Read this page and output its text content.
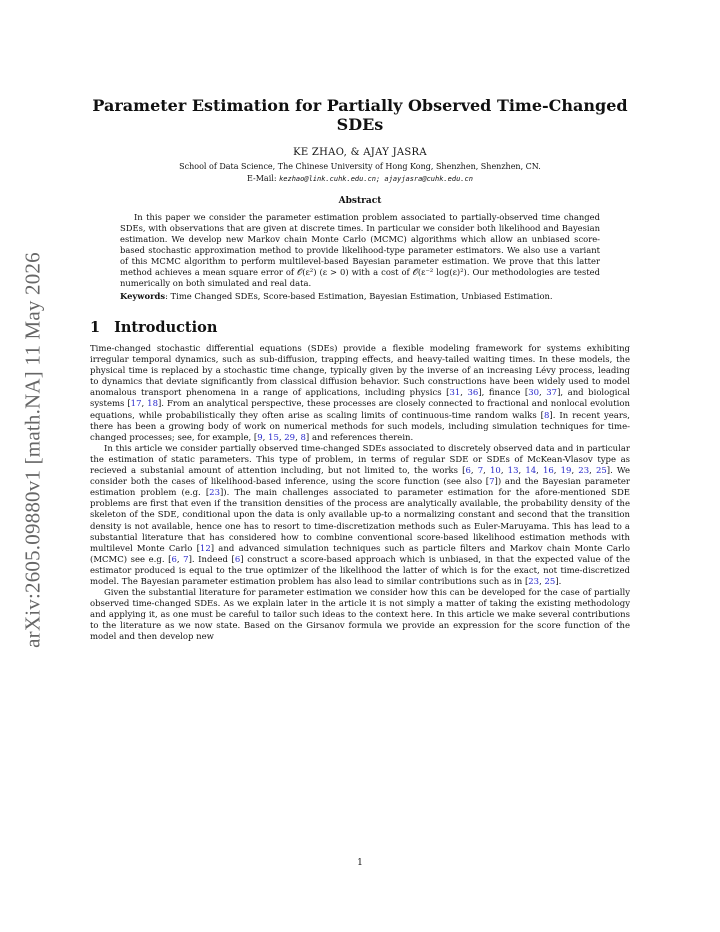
arXiv:2605.09880v1 [math.NA] 11 May 2026
Parameter Estimation for Partially Observed Time-Changed SDEs
KE ZHAO, & AJAY JASRA
School of Data Science, The Chinese University of Hong Kong, Shenzhen, Shenzhen, CN.
E-Mail: kezhao@link.cuhk.edu.cn; ajayjasra@cuhk.edu.cn
Abstract

In this paper we consider the parameter estimation problem associated to partially-observed time changed SDEs, with observations that are given at discrete times. In particular we consider both likelihood and Bayesian estimation. We develop new Markov chain Monte Carlo (MCMC) algorithms which allow an unbiased score-based stochastic approximation method to provide likelihood-type parameter estimators. We also use a variant of this MCMC algorithm to perform multilevel-based Bayesian parameter estimation. We prove that this latter method achieves a mean square error of 𝒪(ε²) (ε > 0) with a cost of 𝒪(ε⁻² log(ε)²). Our methodologies are tested numerically on both simulated and real data.

Keywords: Time Changed SDEs, Score-based Estimation, Bayesian Estimation, Unbiased Estimation.
1 Introduction

Time-changed stochastic differential equations (SDEs) provide a flexible modeling framework for systems exhibiting irregular temporal dynamics, such as sub-diffusion, trapping effects, and heavy-tailed waiting times. In these models, the physical time is replaced by a stochastic time change, typically given by the inverse of an increasing Lévy process, leading to dynamics that deviate significantly from classical diffusion behavior. Such constructions have been widely used to model anomalous transport phenomena in a range of applications, including physics [31, 36], finance [30, 37], and biological systems [17, 18]. From an analytical perspective, these processes are closely connected to fractional and nonlocal evolution equations, while probabilistically they often arise as scaling limits of continuous-time random walks [8]. In recent years, there has been a growing body of work on numerical methods for such models, including simulation techniques for time-changed processes; see, for example, [9, 15, 29, 8] and references therein.

In this article we consider partially observed time-changed SDEs associated to discretely observed data and in particular the estimation of static parameters. This type of problem, in terms of regular SDE or SDEs of McKean-Vlasov type as recieved a substanial amount of attention including, but not limited to, the works [6, 7, 10, 13, 14, 16, 19, 23, 25]. We consider both the cases of likelihood-based inference, using the score function (see also [7]) and the Bayesian parameter estimation problem (e.g. [23]). The main challenges associated to parameter estimation for the afore-mentioned SDE problems are first that even if the transition densities of the process are analytically available, the probability density of the skeleton of the SDE, conditional upon the data is only available up-to a normalizing constant and second that the transition density is not available, hence one has to resort to time-discretization methods such as Euler-Maruyama. This has lead to a substantial literature that has considered how to combine conventional score-based likelihood estimation methods with multilevel Monte Carlo [12] and advanced simulation techniques such as particle filters and Markov chain Monte Carlo (MCMC) see e.g. [6, 7]. Indeed [6] construct a score-based approach which is unbiased, in that the expected value of the estimator produced is equal to the true optimizer of the likelihood the latter of which is for the exact, not time-discretized model. The Bayesian parameter estimation problem has also lead to similar contributions such as in [23, 25].

Given the substantial literature for parameter estimation we consider how this can be developed for the case of partially observed time-changed SDEs. As we explain later in the article it is not simply a matter of taking the existing methodology and applying it, as one must be careful to tailor such ideas to the context here. In this article we make several contributions to the literature as we now state. Based on the Girsanov formula we provide an expression for the score function of the model and then develop new

1
